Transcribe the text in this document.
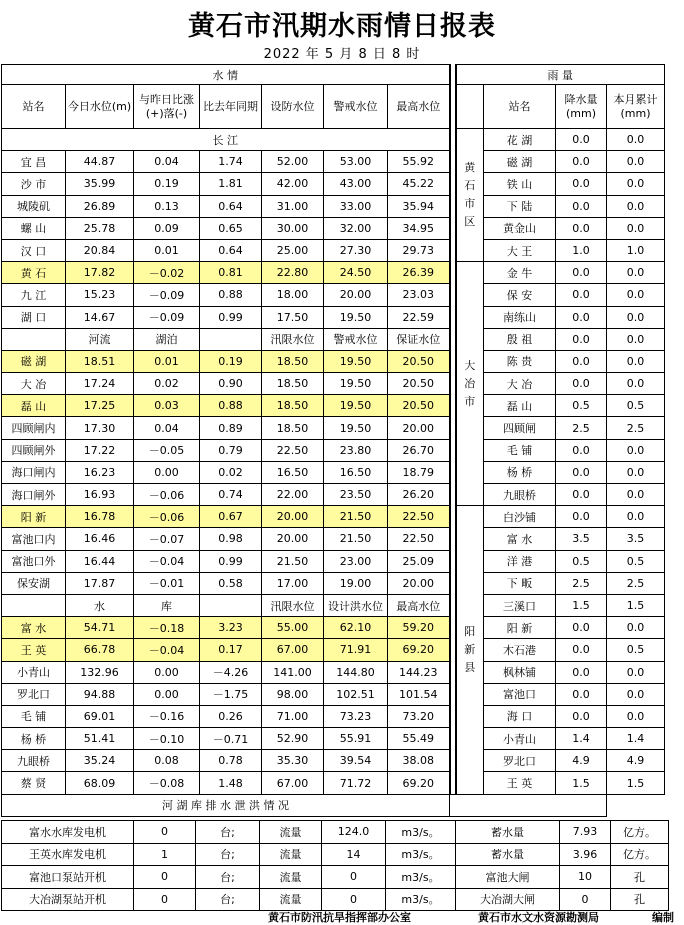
黄石市汛期水雨情日报表
2022 年 5 月 8 日 8 时
水 情								雨 量			
站名	今日水位(m)	与昨日比涨(+)落(-)	比去年同期	设防水位	警戒水位	最高水位			站名	降水量(mm)	本月累计(mm)
长 江								黄石市区	花 湖	0.0	0.0
宜 昌	44.87	0.04	1.74	52.00	53.00	55.92			磁 湖	0.0	0.0
沙 市	35.99	0.19	1.81	42.00	43.00	45.22			铁 山	0.0	0.0
城陵矶	26.89	0.13	0.64	31.00	33.00	35.94			下 陆	0.0	0.0
螺 山	25.78	0.09	0.65	30.00	32.00	34.95			黄金山	0.0	0.0
汉 口	20.84	0.01	0.64	25.00	27.30	29.73			大 王	1.0	1.0
黄 石	17.82	－0.02	0.81	22.80	24.50	26.39		大冶市	金 牛	0.0	0.0
九 江	15.23	－0.09	0.88	18.00	20.00	23.03			保 安	0.0	0.0
湖 口	14.67	－0.09	0.99	17.50	19.50	22.59			南练山	0.0	0.0
	河流	湖泊		汛限水位	警戒水位	保证水位			殷 祖	0.0	0.0
磁 湖	18.51	0.01	0.19	18.50	19.50	20.50			陈 贵	0.0	0.0
大 冶	17.24	0.02	0.90	18.50	19.50	20.50			大 冶	0.0	0.0
磊 山	17.25	0.03	0.88	18.50	19.50	20.50			磊 山	0.5	0.5
四顾闸内	17.30	0.04	0.89	18.50	19.50	20.00			四顾闸	2.5	2.5
四顾闸外	17.22	－0.05	0.79	22.50	23.80	26.70			毛 铺	0.0	0.0
海口闸内	16.23	0.00	0.02	16.50	16.50	18.79			杨 桥	0.0	0.0
海口闸外	16.93	－0.06	0.74	22.00	23.50	26.20			九眼桥	0.0	0.0
阳 新	16.78	－0.06	0.67	20.00	21.50	22.50		阳新县	白沙铺	0.0	0.0
富池口内	16.46	－0.07	0.98	20.00	21.50	22.50			富 水	3.5	3.5
富池口外	16.44	－0.04	0.99	21.50	23.00	25.09			洋 港	0.5	0.5
保安湖	17.87	－0.01	0.58	17.00	19.00	20.00			下 畈	2.5	2.5
	水	库		汛限水位	设计洪水位	最高水位			三溪口	1.5	1.5
富 水	54.71	－0.18	3.23	55.00	62.10	59.20			阳 新	0.0	0.0
王 英	66.78	－0.04	0.17	67.00	71.91	69.20			木石港	0.0	0.5
小青山	132.96	0.00	－4.26	141.00	144.80	144.23			枫林铺	0.0	0.0
罗北口	94.88	0.00	－1.75	98.00	102.51	101.54			富池口	0.0	0.0
毛 铺	69.01	－0.16	0.26	71.00	73.23	73.20			海 口	0.0	0.0
杨 桥	51.41	－0.10	－0.71	52.90	55.91	55.49			小青山	1.4	1.4
九眼桥	35.24	0.08	0.78	35.30	39.54	38.08			罗北口	4.9	4.9
蔡 贤	68.09	－0.08	1.48	67.00	71.72	69.20			王 英	1.5	1.5
河 湖 库 排 水 泄 洪 情 况											
富水水库发电机	0	台;	流量	124.0	m3/s。	蓄水量	7.93	亿方。
王英水库发电机	1	台;	流量	14	m3/s。	蓄水量	3.96	亿方。
富池口泵站开机	0	台;	流量	0	m3/s。	富池大闸	10	孔
大冶湖泵站开机	0	台;	流量	0	m3/s。	大冶湖大闸	0	孔
黄石市防汛抗旱指挥部办公室	黄石市水文水资源勘测局	编制
